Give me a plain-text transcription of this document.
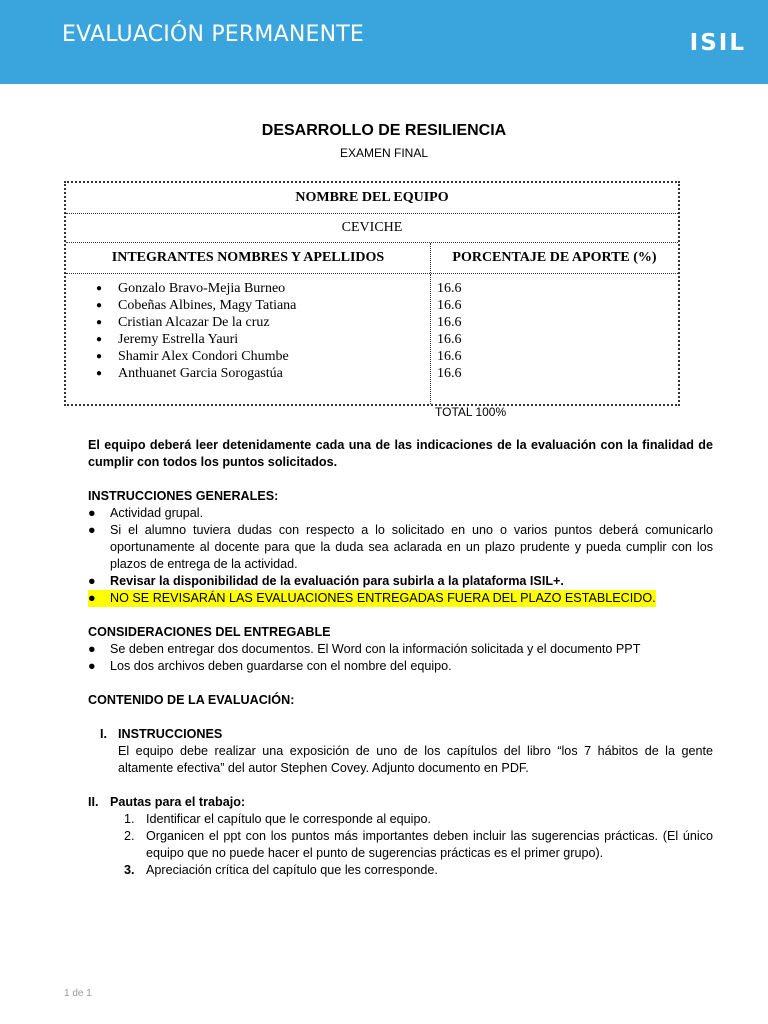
EVALUACIÓN PERMANENTE	ISIL
DESARROLLO DE RESILIENCIA
EXAMEN FINAL
NOMBRE DEL EQUIPO
CEVICHE
INTEGRANTES NOMBRES Y APELLIDOS	PORCENTAJE DE APORTE (%)
● Gonzalo Bravo-Mejia Burneo
● Cobeñas Albines, Magy Tatiana
● Cristian Alcazar De la cruz
● Jeremy Estrella Yauri
● Shamir Alex Condori Chumbe
● Anthuanet Garcia Sorogastúa
16.6
16.6
16.6
16.6
16.6
16.6
TOTAL 100%

El equipo deberá leer detenidamente cada una de las indicaciones de la evaluación con la finalidad de cumplir con todos los puntos solicitados.

INSTRUCCIONES GENERALES:
● Actividad grupal.
● Si el alumno tuviera dudas con respecto a lo solicitado en uno o varios puntos deberá comunicarlo oportunamente al docente para que la duda sea aclarada en un plazo prudente y pueda cumplir con los plazos de entrega de la actividad.
● Revisar la disponibilidad de la evaluación para subirla a la plataforma ISIL+.
● NO SE REVISARÁN LAS EVALUACIONES ENTREGADAS FUERA DEL PLAZO ESTABLECIDO.
CONSIDERACIONES DEL ENTREGABLE
● Se deben entregar dos documentos. El Word con la información solicitada y el documento PPT
● Los dos archivos deben guardarse con el nombre del equipo.
CONTENIDO DE LA EVALUACIÓN:
I. INSTRUCCIONES

El equipo debe realizar una exposición de uno de los capítulos del libro “los 7 hábitos de la gente altamente efectiva” del autor Stephen Covey. Adjunto documento en PDF.

II. Pautas para el trabajo:
1. Identificar el capítulo que le corresponde al equipo.
2. Organicen el ppt con los puntos más importantes deben incluir las sugerencias prácticas. (El único equipo que no puede hacer el punto de sugerencias prácticas es el primer grupo).
3. Apreciación crítica del capítulo que les corresponde.
1 de 1
